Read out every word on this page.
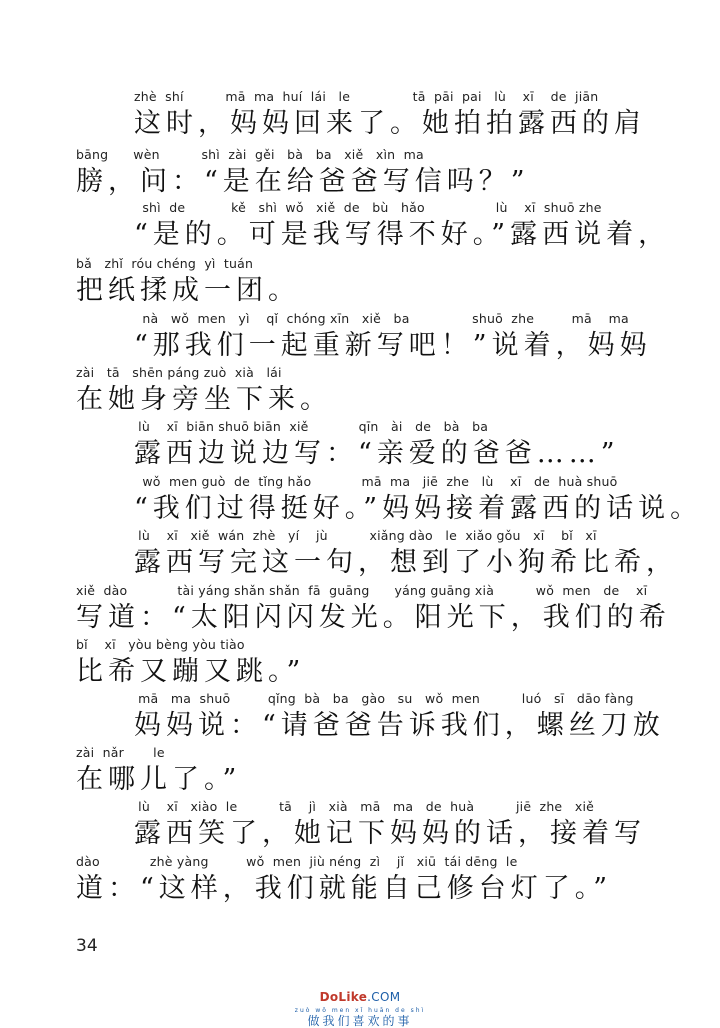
zhè  shí          mā  ma  huí  lái   le               tā  pāi  pai   lù    xī    de  jiān
这时，妈妈回来了。她拍拍露西的肩
bāng      wèn          shì  zài  gěi   bà   ba   xiě   xìn  ma
膀，问：“是在给爸爸写信吗？”
shì  de           kě   shì  wǒ   xiě  de   bù   hǎo                 lù    xī  shuō zhe
“是的。可是我写得不好。”露西说着，
bǎ   zhǐ  róu chéng  yì  tuán
把纸揉成一团。
nà   wǒ  men   yì    qǐ  chóng xīn   xiě   ba               shuō  zhe         mā    ma
“那我们一起重新写吧！”说着，妈妈
zài   tā   shēn páng zuò  xià   lái
在她身旁坐下来。
lù    xī  biān shuō biān  xiě            qīn   ài   de   bà   ba
露西边说边写：“亲爱的爸爸……”
wǒ  men guò  de  tǐng hǎo            mā  ma   jiē  zhe   lù    xī   de  huà shuō
“我们过得挺好。”妈妈接着露西的话说。
lù    xī   xiě  wán  zhè   yí    jù          xiǎng dào   le  xiǎo gǒu   xī    bǐ   xī
露西写完这一句，想到了小狗希比希，
xiě  dào            tài yáng shǎn shǎn  fā  guāng      yáng guāng xià          wǒ  men   de    xī
写道：“太阳闪闪发光。阳光下，我们的希
bǐ    xī   yòu bèng yòu tiào
比希又蹦又跳。”
mā   ma  shuō         qǐng  bà   ba   gào   su   wǒ  men          luó   sī   dāo fàng
妈妈说：“请爸爸告诉我们，螺丝刀放
zài  nǎr       le
在哪儿了。”
lù    xī   xiào  le          tā    jì   xià   mā   ma   de  huà          jiē  zhe   xiě
露西笑了，她记下妈妈的话，接着写
dào            zhè yàng         wǒ  men  jiù néng  zì    jǐ   xiū  tái dēng  le
道：“这样，我们就能自己修台灯了。”
34
DoLike.COM
zuò wǒ men xǐ huān de shì
做我们喜欢的事
